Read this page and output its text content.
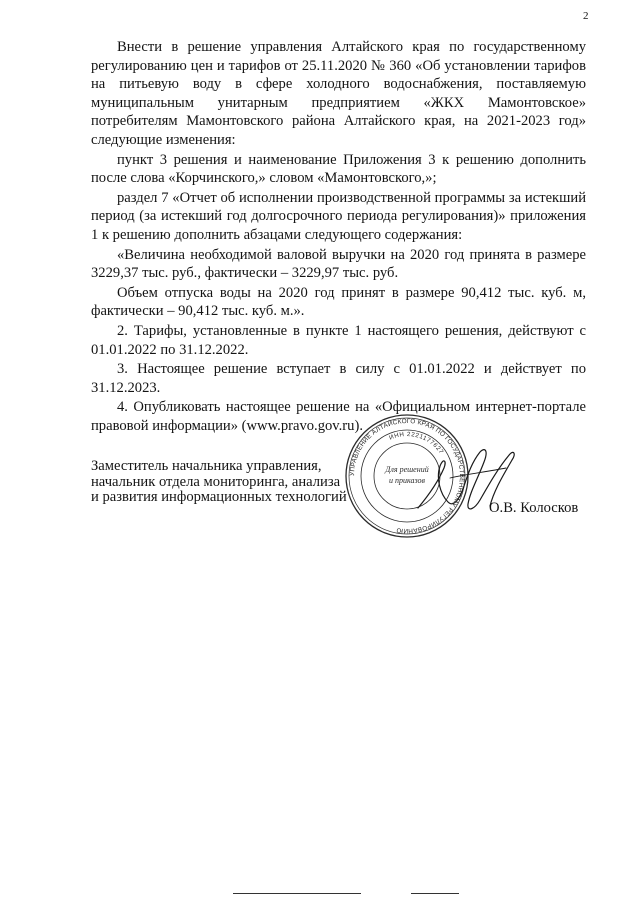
2

Внести в решение управления Алтайского края по государственному регулированию цен и тарифов от 25.11.2020 № 360 «Об установлении тарифов на питьевую воду в сфере холодного водоснабжения, поставляемую муниципальным унитарным предприятием «ЖКХ Мамонтовское» потребителям Мамонтовского района Алтайского края, на 2021-2023 год» следующие изменения:

пункт 3 решения и наименование Приложения 3 к решению дополнить после слова «Корчинского,» словом «Мамонтовского,»;

раздел 7 «Отчет об исполнении производственной программы за истекший период (за истекший год долгосрочного периода регулирования)» приложения 1 к решению дополнить абзацами следующего содержания:

«Величина необходимой валовой выручки на 2020 год принята в размере 3229,37 тыс. руб., фактически – 3229,97 тыс. руб.

Объем отпуска воды на 2020 год принят в размере 90,412 тыс. куб. м, фактически – 90,412 тыс. куб. м.».

2. Тарифы, установленные в пункте 1 настоящего решения, действуют с 01.01.2022 по 31.12.2022.

3. Настоящее решение вступает в силу с 01.01.2022 и действует по 31.12.2023.

4. Опубликовать настоящее решение на «Официальном интернет-портале правовой информации» (www.pravo.gov.ru).

Заместитель начальника управления,
начальник отдела мониторинга, анализа
и развития информационных технологий
УПРАВЛЕНИЕ АЛТАЙСКОГО КРАЯ ПО ГОСУДАРСТВЕННОМУ РЕГУЛИРОВАНИЮ
ИНН 2221177627
Для решений
и приказов
О.В. Колосков
